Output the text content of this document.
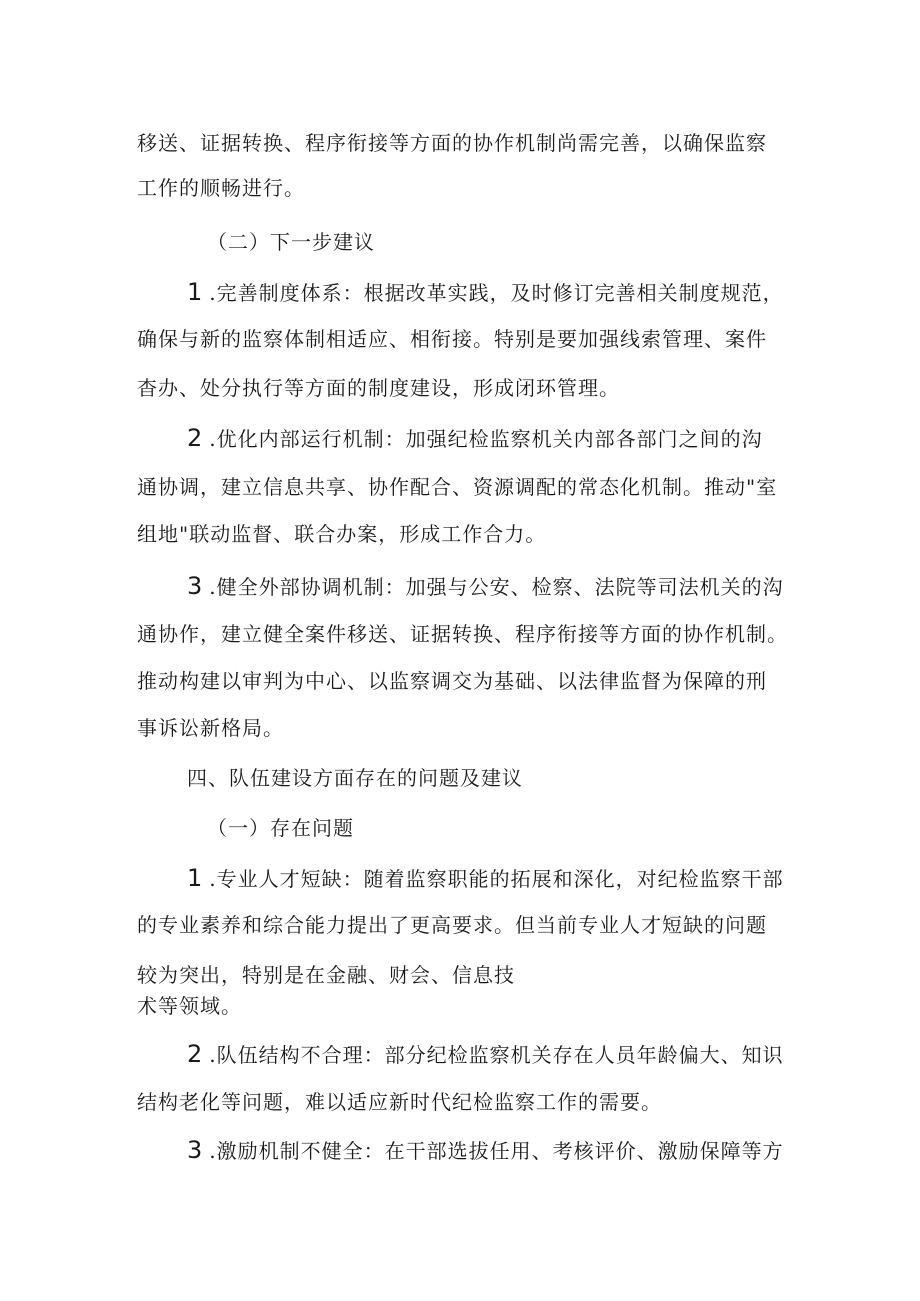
移送、证据转换、程序衔接等方面的协作机制尚需完善，以确保监察
工作的顺畅进行。
（二）下一步建议
1 .完善制度体系：根据改革实践，及时修订完善相关制度规范，
确保与新的监察体制相适应、相衔接。特别是要加强线索管理、案件
杳办、处分执行等方面的制度建设，形成闭环管理。
2 .优化内部运行机制：加强纪检监察机关内部各部门之间的沟
通协调，建立信息共享、协作配合、资源调配的常态化机制。推动"室
组地"联动监督、联合办案，形成工作合力。
3 .健全外部协调机制：加强与公安、检察、法院等司法机关的沟
通协作，建立健全案件移送、证据转换、程序衔接等方面的协作机制。
推动构建以审判为中心、以监察调交为基础、以法律监督为保障的刑
事诉讼新格局。
四、队伍建设方面存在的问题及建议
（一）存在问题
1 .专业人才短缺：随着监察职能的拓展和深化，对纪检监察干部
的专业素养和综合能力提出了更高要求。但当前专业人才短缺的问题
较为突出，特别是在金融、财会、信息技
术等领域。
2 .队伍结构不合理：部分纪检监察机关存在人员年龄偏大、知识
结构老化等问题，难以适应新时代纪检监察工作的需要。
3 .激励机制不健全：在干部选拔任用、考核评价、激励保障等方
